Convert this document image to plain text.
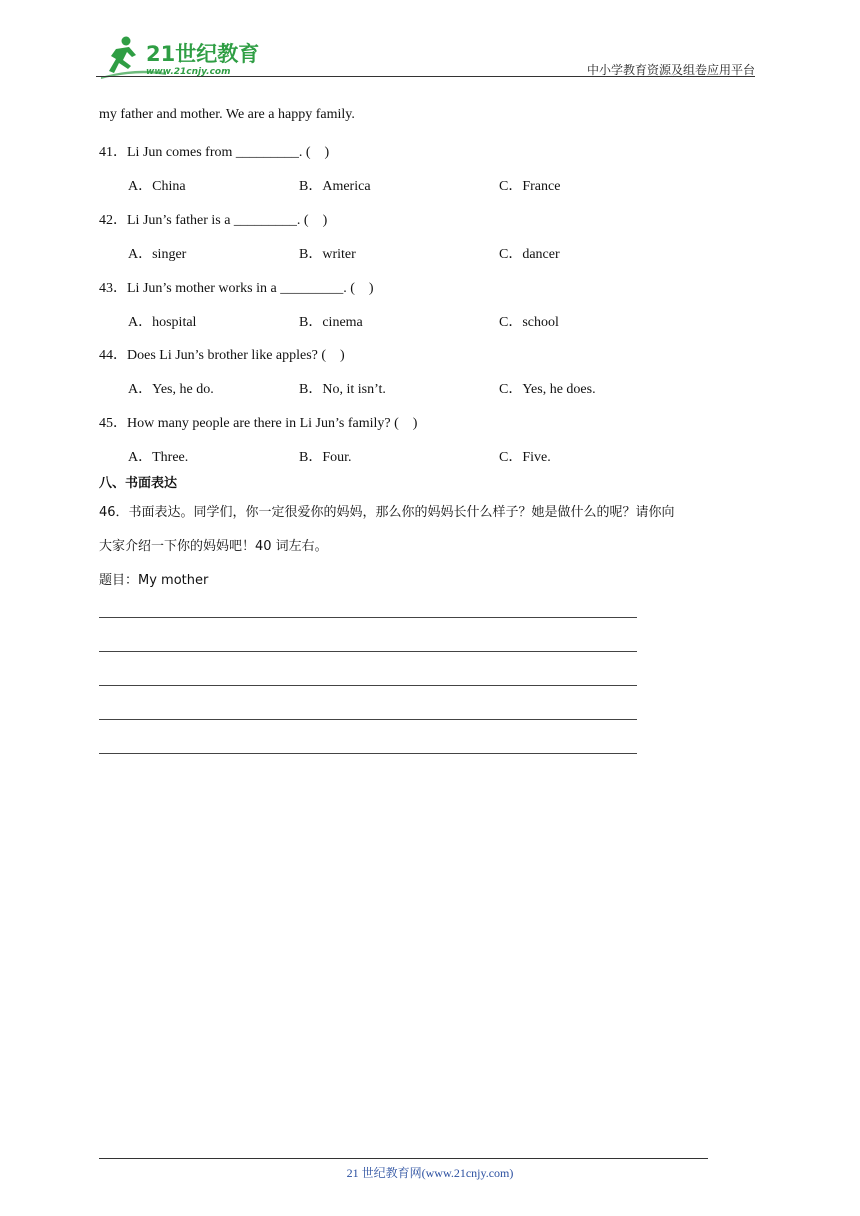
21世纪教育
www.21cnjy.com	中小学教育资源及组卷应用平台
my father and mother. We are a happy family.
41．Li Jun comes from _________. (    )
A．China	B．America	C．France
42．Li Jun’s father is a _________. (    )
A．singer	B．writer	C．dancer
43．Li Jun’s mother works in a _________. (    )
A．hospital	B．cinema	C．school
44．Does Li Jun’s brother like apples? (    )
A．Yes, he do.	B．No, it isn’t.	C．Yes, he does.
45．How many people are there in Li Jun’s family? (    )
A．Three.	B．Four.	C．Five.
八、书面表达
46．书面表达。同学们，你一定很爱你的妈妈，那么你的妈妈长什么样子？她是做什么的呢？请你向
大家介绍一下你的妈妈吧！40 词左右。
题目：My mother
21 世纪教育网(www.21cnjy.com)
